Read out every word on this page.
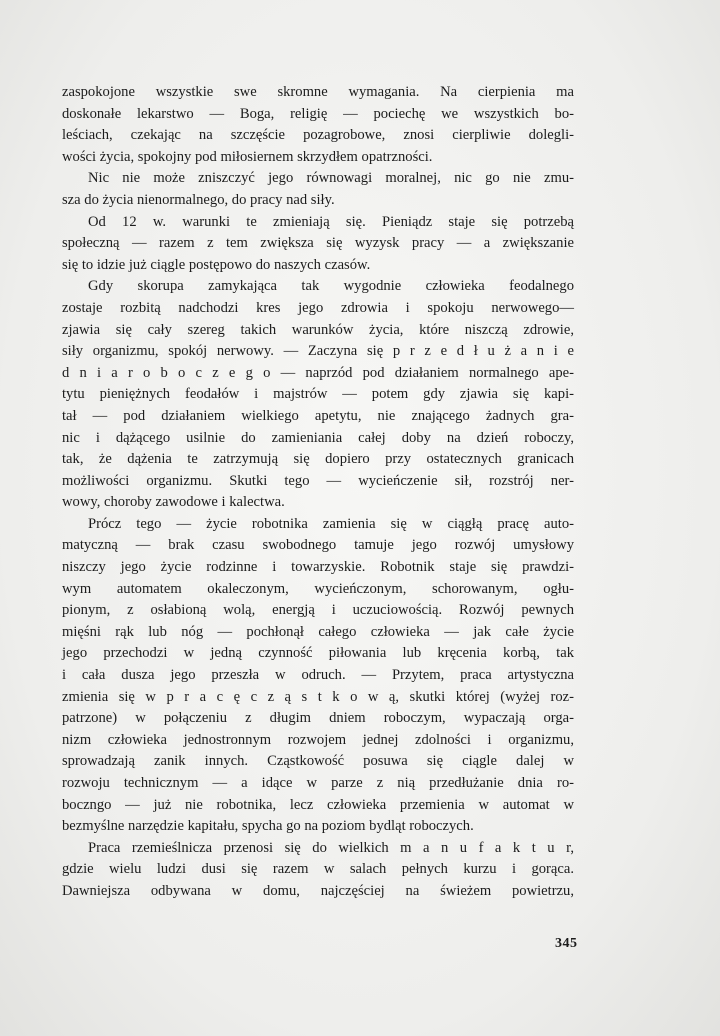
zaspokojone wszystkie swe skromne wymagania. Na cierpienia ma
doskonałe lekarstwo — Boga, religię — pociechę we wszystkich bo-
leściach, czekając na szczęście pozagrobowe, znosi cierpliwie dolegli-
wości życia, spokojny pod miłosiernem skrzydłem opatrzności.
Nic nie może zniszczyć jego równowagi moralnej, nic go nie zmu-
sza do życia nienormalnego, do pracy nad siły.
Od 12 w. warunki te zmieniają się. Pieniądz staje się potrzebą
społeczną — razem z tem zwiększa się wyzysk pracy — a zwiększanie
się to idzie już ciągle postępowo do naszych czasów.
Gdy skorupa zamykająca tak wygodnie człowieka feodalnego
zostaje rozbitą nadchodzi kres jego zdrowia i spokoju nerwowego—
zjawia się cały szereg takich warunków życia, które niszczą zdrowie,
siły organizmu, spokój nerwowy. — Zaczyna się p r z e d ł u ż a n i e
d n i a r o b o c z e g o — naprzód pod działaniem normalnego ape-
tytu pieniężnych feodałów i majstrów — potem gdy zjawia się kapi-
tał — pod działaniem wielkiego apetytu, nie znającego żadnych gra-
nic i dążącego usilnie do zamieniania całej doby na dzień roboczy,
tak, że dążenia te zatrzymują się dopiero przy ostatecznych granicach
możliwości organizmu. Skutki tego — wycieńczenie sił, rozstrój ner-
wowy, choroby zawodowe i kalectwa.
Prócz tego — życie robotnika zamienia się w ciągłą pracę auto-
matyczną — brak czasu swobodnego tamuje jego rozwój umysłowy
niszczy jego życie rodzinne i towarzyskie. Robotnik staje się prawdzi-
wym automatem okaleczonym, wycieńczonym, schorowanym, ogłu-
pionym, z osłabioną wolą, energją i uczuciowością. Rozwój pewnych
mięśni rąk lub nóg — pochłonął całego człowieka — jak całe życie
jego przechodzi w jedną czynność piłowania lub kręcenia korbą, tak
i cała dusza jego przeszła w odruch. — Przytem, praca artystyczna
zmienia się w p r a c ę c z ą s t k o w ą, skutki której (wyżej roz-
patrzone) w połączeniu z długim dniem roboczym, wypaczają orga-
nizm człowieka jednostronnym rozwojem jednej zdolności i organizmu,
sprowadzają zanik innych. Cząstkowość posuwa się ciągle dalej w
rozwoju technicznym — a idące w parze z nią przedłużanie dnia ro-
boczngo — już nie robotnika, lecz człowieka przemienia w automat w
bezmyślne narzędzie kapitału, spycha go na poziom bydląt roboczych.
Praca rzemieślnicza przenosi się do wielkich m a n u f a k t u r,
gdzie wielu ludzi dusi się razem w salach pełnych kurzu i gorąca.
Dawniejsza odbywana w domu, najczęściej na świeżem powietrzu,

345
